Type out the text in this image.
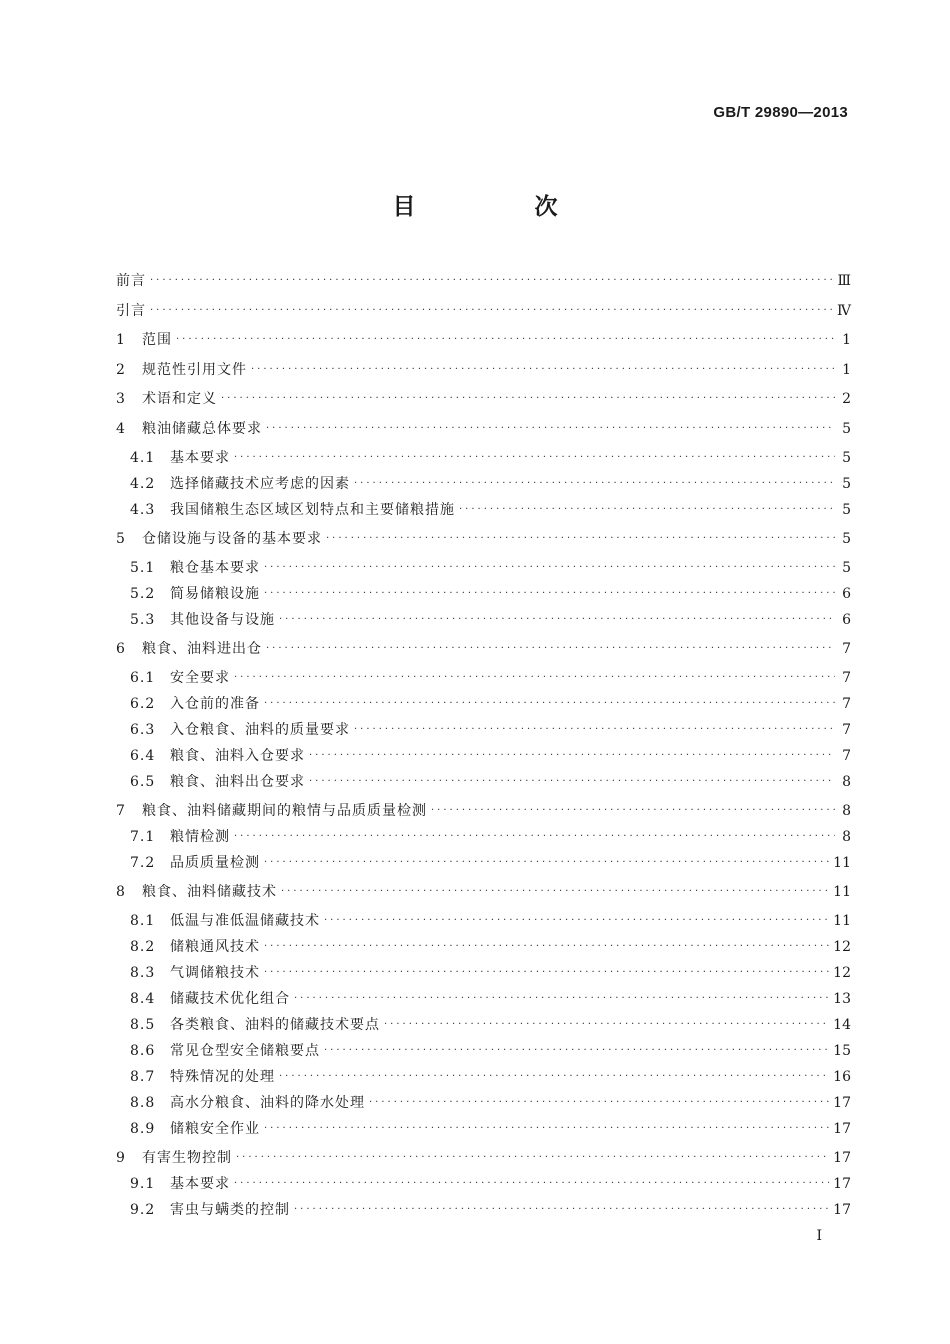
GB/T 29890—2013
目　次
前言 ·····	Ⅲ
引言 ·····	Ⅳ
1	范围 ·····	1
2	规范性引用文件 ·····	1
3	术语和定义 ·····	2
4	粮油储藏总体要求 ·····	5
4.1	基本要求 ·····	5
4.2	选择储藏技术应考虑的因素 ·····	5
4.3	我国储粮生态区域区划特点和主要储粮措施 ·····	5
5	仓储设施与设备的基本要求 ·····	5
5.1	粮仓基本要求 ·····	5
5.2	简易储粮设施 ·····	6
5.3	其他设备与设施 ·····	6
6	粮食、油料进出仓 ·····	7
6.1	安全要求 ·····	7
6.2	入仓前的准备 ·····	7
6.3	入仓粮食、油料的质量要求 ·····	7
6.4	粮食、油料入仓要求 ·····	7
6.5	粮食、油料出仓要求 ·····	8
7	粮食、油料储藏期间的粮情与品质质量检测 ·····	8
7.1	粮情检测 ·····	8
7.2	品质质量检测 ·····	11
8	粮食、油料储藏技术 ·····	11
8.1	低温与准低温储藏技术 ·····	11
8.2	储粮通风技术 ·····	12
8.3	气调储粮技术 ·····	12
8.4	储藏技术优化组合 ·····	13
8.5	各类粮食、油料的储藏技术要点 ·····	14
8.6	常见仓型安全储粮要点 ·····	15
8.7	特殊情况的处理 ·····	16
8.8	高水分粮食、油料的降水处理 ·····	17
8.9	储粮安全作业 ·····	17
9	有害生物控制 ·····	17
9.1	基本要求 ·····	17
9.2	害虫与螨类的控制 ·····	17
Ⅰ
